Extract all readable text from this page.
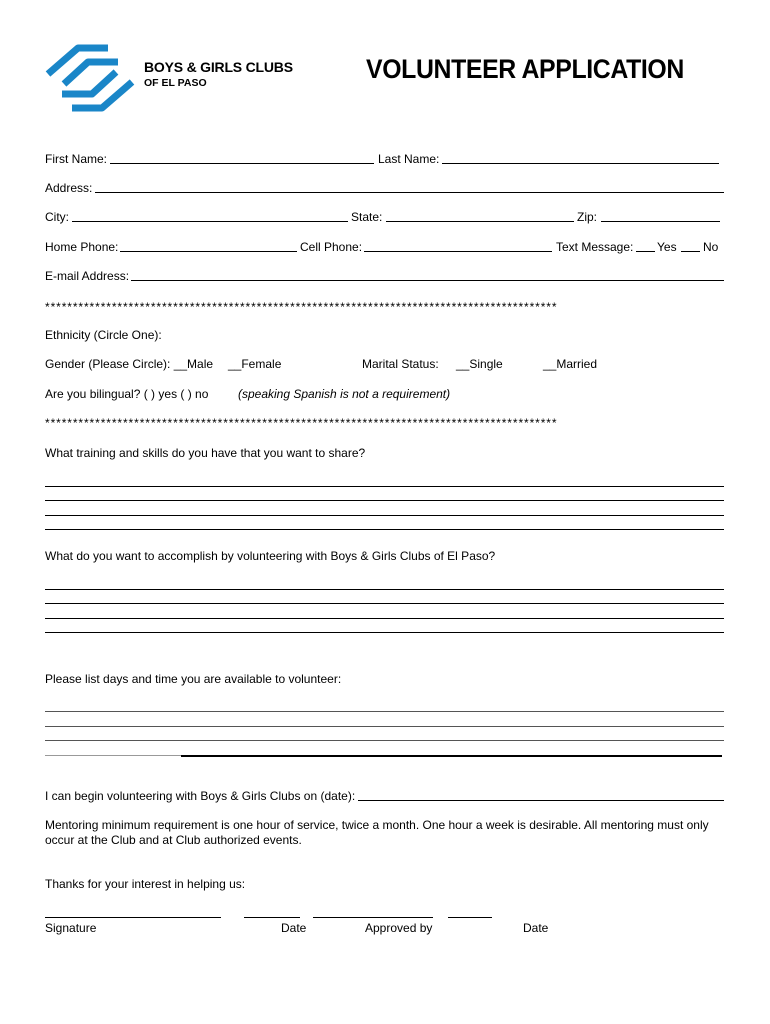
BOYS & GIRLS CLUBS
OF EL PASO	VOLUNTEER APPLICATION
First Name:	Last Name:
Address:
City:	State:	Zip:
Home Phone:	Cell Phone:	Text Message: Yes No
E-mail Address:
********************************************************************************************
Ethnicity (Circle One):
Gender (Please Circle): __Male __Female	Marital Status: __Single	__Married
Are you bilingual? ( ) yes ( ) no (speaking Spanish is not a requirement)
********************************************************************************************
What training and skills do you have that you want to share?
What do you want to accomplish by volunteering with Boys & Girls Clubs of El Paso?
Please list days and time you are available to volunteer:
I can begin volunteering with Boys & Girls Clubs on (date):
Mentoring minimum requirement is one hour of service, twice a month. One hour a week is desirable. All mentoring must only occur at the Club and at Club authorized events.
Thanks for your interest in helping us:
Signature	Date	Approved by	Date
